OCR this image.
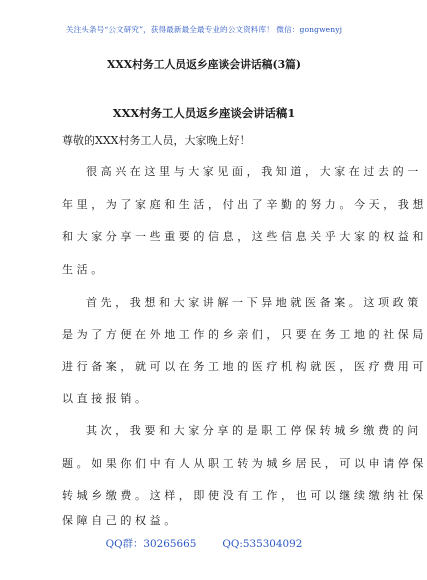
关注头条号“公文研究”，获得最新最全最专业的公文资料库！ 微信：gongwenyj
XXX村务工人员返乡座谈会讲话稿(3篇)
XXX村务工人员返乡座谈会讲话稿1
尊敬的XXX村务工人员，大家晚上好！
很高兴在这里与大家见面，我知道，大家在过去的一
年里，为了家庭和生活，付出了辛勤的努力。今天，我想
和大家分享一些重要的信息，这些信息关乎大家的权益和
生活。
首先，我想和大家讲解一下异地就医备案。这项政策
是为了方便在外地工作的乡亲们，只要在务工地的社保局
进行备案，就可以在务工地的医疗机构就医，医疗费用可
以直接报销。
其次，我要和大家分享的是职工停保转城乡缴费的问
题。如果你们中有人从职工转为城乡居民，可以申请停保
转城乡缴费。这样，即使没有工作，也可以继续缴纳社保
保障自己的权益。
QQ群：30265665	QQ:535304092
